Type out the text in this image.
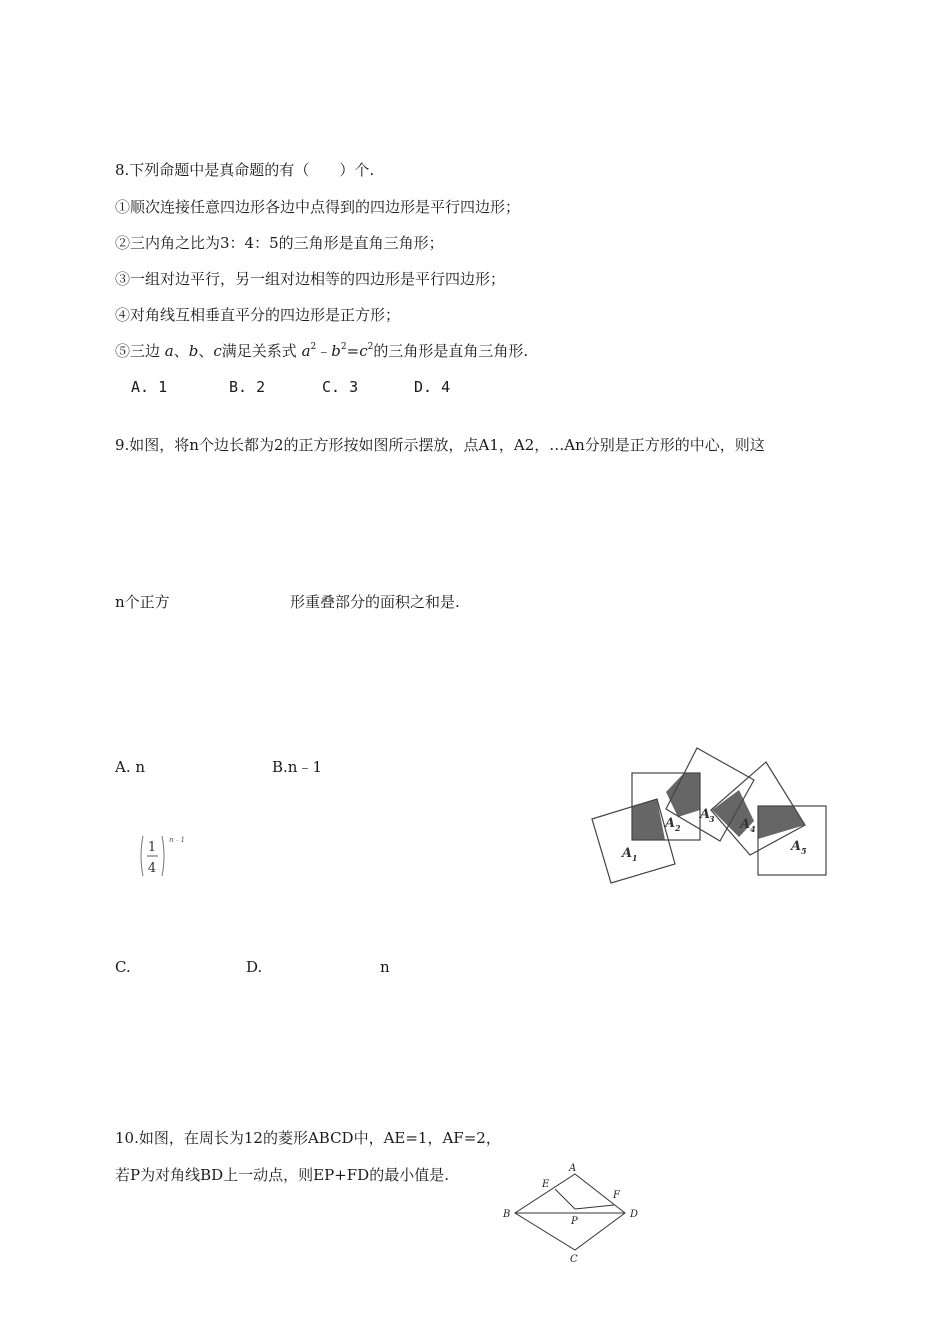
8.下列命题中是真命题的有（　　）个.
①顺次连接任意四边形各边中点得到的四边形是平行四边形；
②三内角之比为3：4：5的三角形是直角三角形；
③一组对边平行，另一组对边相等的四边形是平行四边形；
④对角线互相垂直平分的四边形是正方形；
⑤三边 a、b、c满足关系式 $a^2﹣b^2=c^2$的三角形是直角三角形.
A. 1	B. 2	C. 3	D. 4
9.如图，将n个边长都为2的正方形按如图所示摆放，点A1，A2，…An分别是正方形的中心，则这
n个正方	形重叠部分的面积之和是.
A. n	B.n﹣1
1
4
n﹣1
C.	D.	n
A 1
A 2
A
3 A 4
A 5
10.如图，在周长为12的菱形ABCD中，AE=1，AF=2，
若P为对角线BD上一动点，则EP+FD的最小值是.	A
B
C
D
E
F
P
